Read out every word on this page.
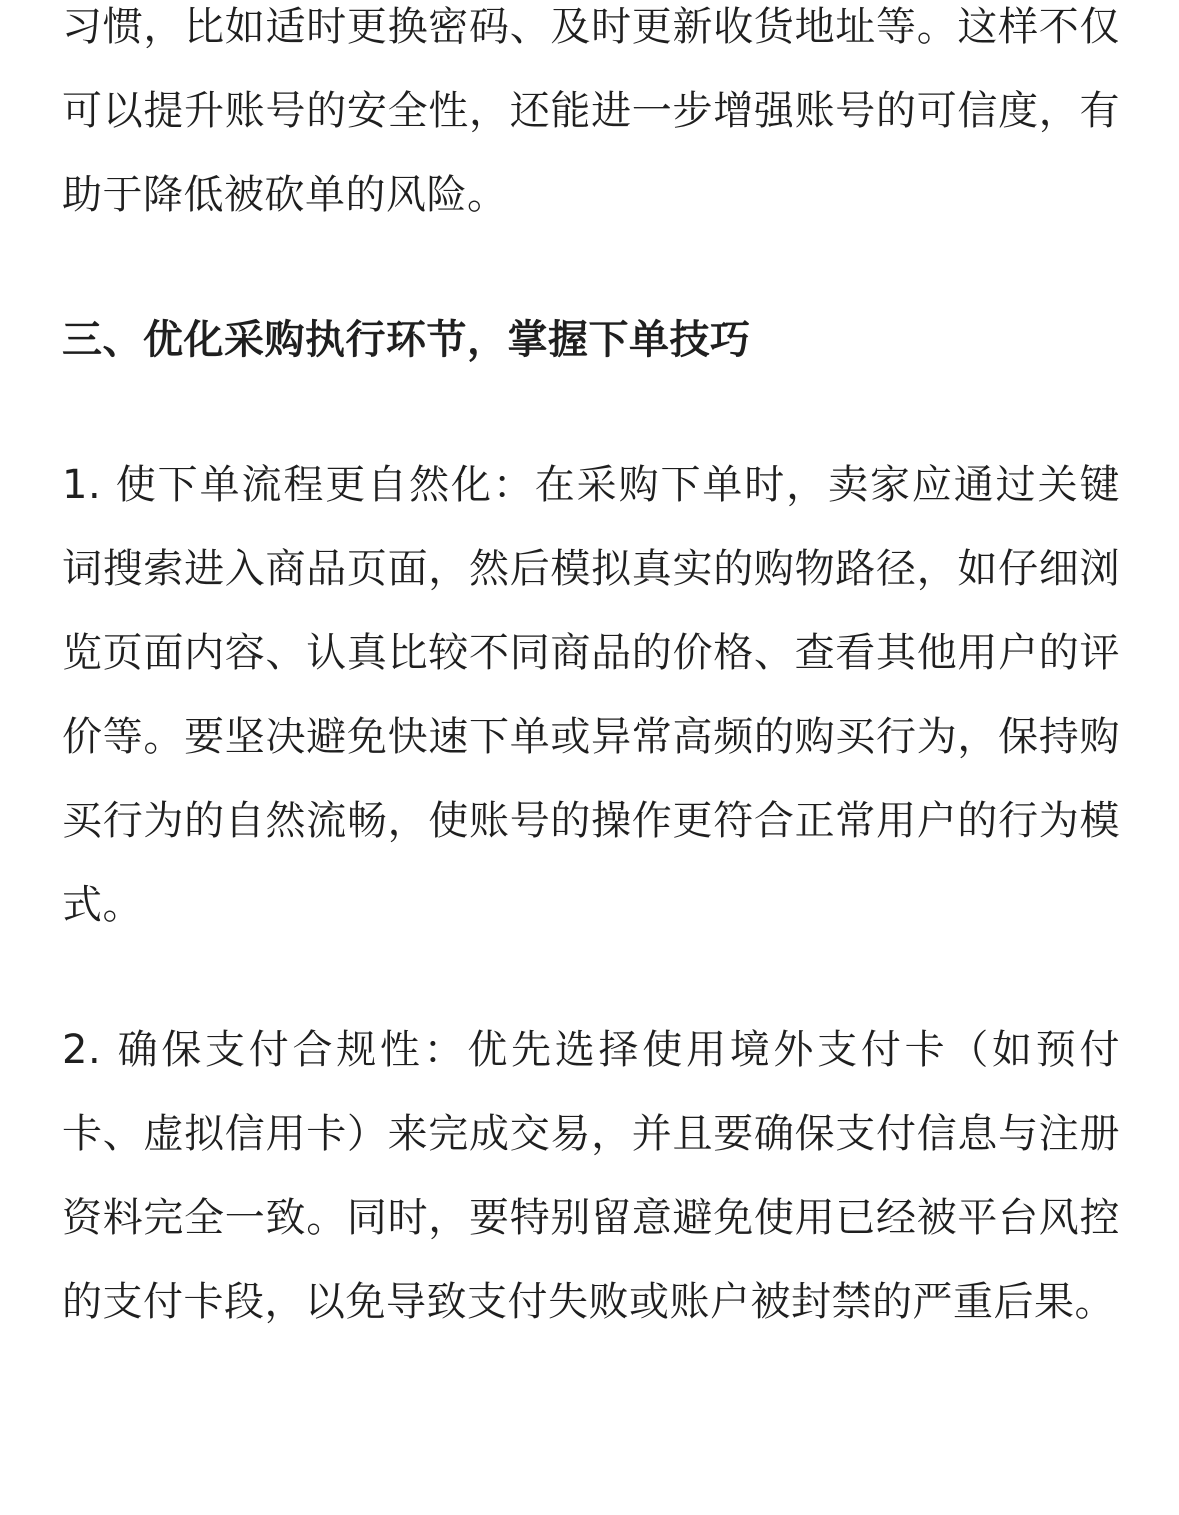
习惯，比如适时更换密码、及时更新收货地址等。这样不仅可以提升账号的安全性，还能进一步增强账号的可信度，有助于降低被砍单的风险。

三、优化采购执行环节，掌握下单技巧

1. 使下单流程更自然化：在采购下单时，卖家应通过关键词搜索进入商品页面，然后模拟真实的购物路径，如仔细浏览页面内容、认真比较不同商品的价格、查看其他用户的评价等。要坚决避免快速下单或异常高频的购买行为，保持购买行为的自然流畅，使账号的操作更符合正常用户的行为模式。

2. 确保支付合规性：优先选择使用境外支付卡（如预付卡、虚拟信用卡）来完成交易，并且要确保支付信息与注册资料完全一致。同时，要特别留意避免使用已经被平台风控的支付卡段，以免导致支付失败或账户被封禁的严重后果。
